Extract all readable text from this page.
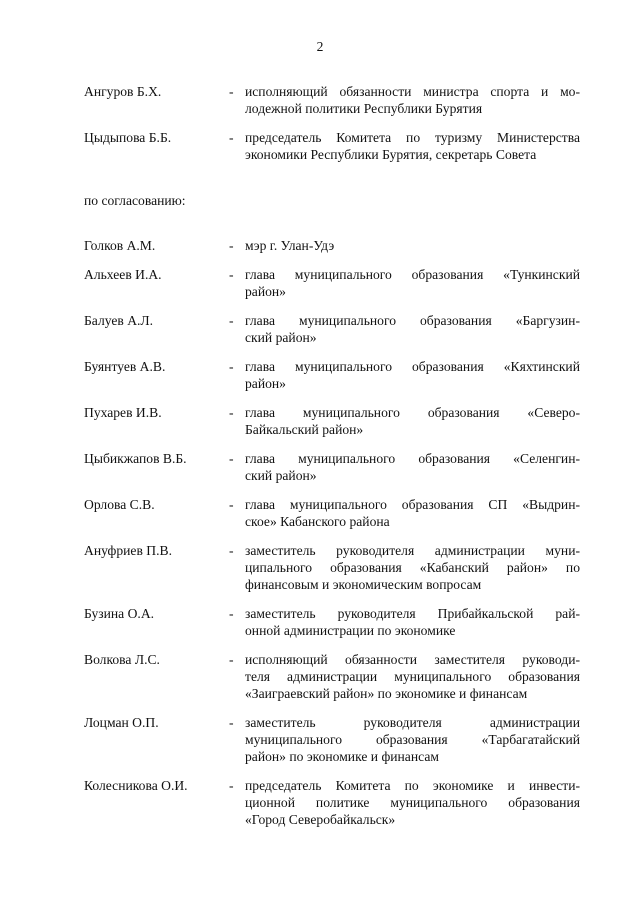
2
Ангуров Б.Х.	- исполняющий обязанности министра спорта и мо-
лодежной политики Республики Бурятия
Цыдыпова Б.Б.	- председатель Комитета по туризму Министерства
экономики Республики Бурятия, секретарь Совета
по согласованию:
Голков А.М.	- мэр г. Улан-Удэ
Альхеев И.А.	- глава муниципального образования «Тункинский
район»
Балуев А.Л.	- глава муниципального образования «Баргузин-
ский район»
Буянтуев А.В.	- глава муниципального образования «Кяхтинский
район»
Пухарев И.В.	- глава муниципального образования «Северо-
Байкальский район»
Цыбикжапов В.Б.	- глава муниципального образования «Селенгин-
ский район»
Орлова С.В.	- глава муниципального образования СП «Выдрин-
ское» Кабанского района
Ануфриев П.В.	- заместитель руководителя администрации муни-
ципального образования «Кабанский район» по
финансовым и экономическим вопросам
Бузина О.А.	- заместитель руководителя Прибайкальской рай-
онной администрации по экономике
Волкова Л.С.	- исполняющий обязанности заместителя руководи-
теля администрации муниципального образования
«Заиграевский район» по экономике и финансам
Лоцман О.П.	- заместитель руководителя администрации
муниципального образования «Тарбагатайский
район» по экономике и финансам
Колесникова О.И.	- председатель Комитета по экономике и инвести-
ционной политике муниципального образования
«Город Северобайкальск»
